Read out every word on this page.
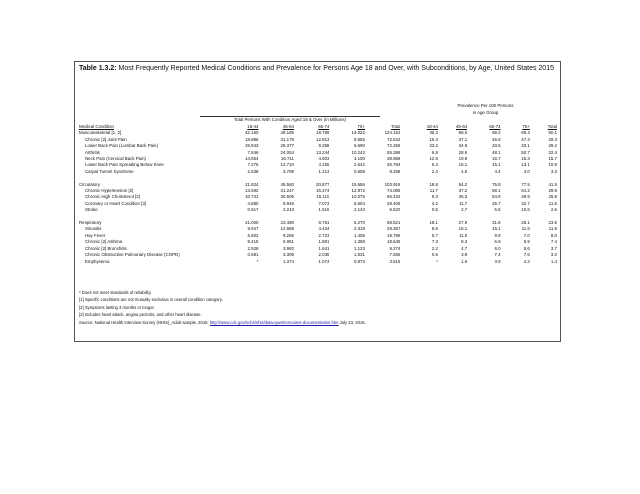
Table 1.3.2: Most Frequently Reported Medical Conditions and Prevalence for Persons Age 18 and Over, with Subconditions, by Age, United States 2015
Total Persons With Condition Aged 18 & Over (in Millions)
Prevalence Per 100 Persons
in Age Group
Medical Condition	18-44	45-64	65-74	75+	Total	18-44	45-64	65-74	75+	Total
Musculoskeletal [1, 2]	42.160	49.185	18.786	14.022	124.152	36.3	58.5	68.2	69.4	50.1
Chronic [2] Joint Pain	18.886	31.179	12.913	9.555	72.532	16.3	37.1	46.9	47.3	29.3
Lower Back Pain (Lumbar Back Pain)	26.943	29.377	9.258	6.690	72.268	23.2	34.9	33.6	33.1	29.2
Arthritis	7.846	24.054	13.244	10.243	55.386	6.8	28.6	48.1	50.7	22.4
Neck Pain (Cervical Back Pain)	14.554	16.711	4.603	3.100	38.968	12.6	19.9	16.7	15.3	15.7
Lower Back Pain Spreading Below Knee	7.276	12.710	4.155	2.642	26.784	6.3	15.1	15.1	13.1	10.8
Carpal Tunnel Syndrome	2.638	3.799	1.213	0.608	8.258	2.3	4.5	4.4	3.0	3.3

Circulatory	21.824	45.560	20.877	15.656	103.918	18.8	54.2	75.8	77.5	41.9
Chronic Hypertension [2]	13.592	31.247	16.274	12.972	74.085	11.7	37.2	59.1	64.2	29.9
Chronic High Cholesterol [2]	10.741	30.506	15.110	10.075	66.432	9.3	36.3	54.8	49.9	26.8
Coronary or Heart Condition [3]	4.880	9.849	7.073	6.604	28.406	4.2	11.7	25.7	32.7	11.5
Stroke	0.617	2.243	1.516	2.143	6.520	0.5	2.7	5.5	10.6	2.6

Respiratory	21.000	23.490	8.761	5.270	58.521	18.1	27.9	31.8	26.1	23.6
Sinusitis	9.947	12.668	4.434	2.318	29.367	8.6	15.1	16.1	11.5	11.9
Hay Fever	6.602	9.265	2.723	1.405	19.796	5.7	11.0	9.9	7.0	8.0
Chronic [2] Asthma	8.415	6.951	1.891	1.388	18.645	7.3	8.3	6.9	5.9	7.4
Chronic [2] Bronchitis	2.528	3.982	1.641	1.123	9.274	2.2	4.7	6.0	5.6	3.7
Chronic Obstructive Pulmonary Disease (COPD)	0.681	3.309	2.035	1.531	7.556	0.6	3.9	7.4	7.6	3.0
Emphysema	*	1.374	1.074	0.873	3.515	*	1.6	3.9	4.3	1.4
* Does not meet standards of reliability.
[1] Specific conditions are not mutually exclusive in overall condition category.
[2] Symptoms lasting 3 months or longer.
[3] Includes heart attack, angina pectoris, and other heart disease.
Source: National Health Interview Survey (NHIS)_Adult sample, 2015. http://www.cdc.gov/nchs/nhis/data-questionnaires-documentation.htm July 23, 2016.
